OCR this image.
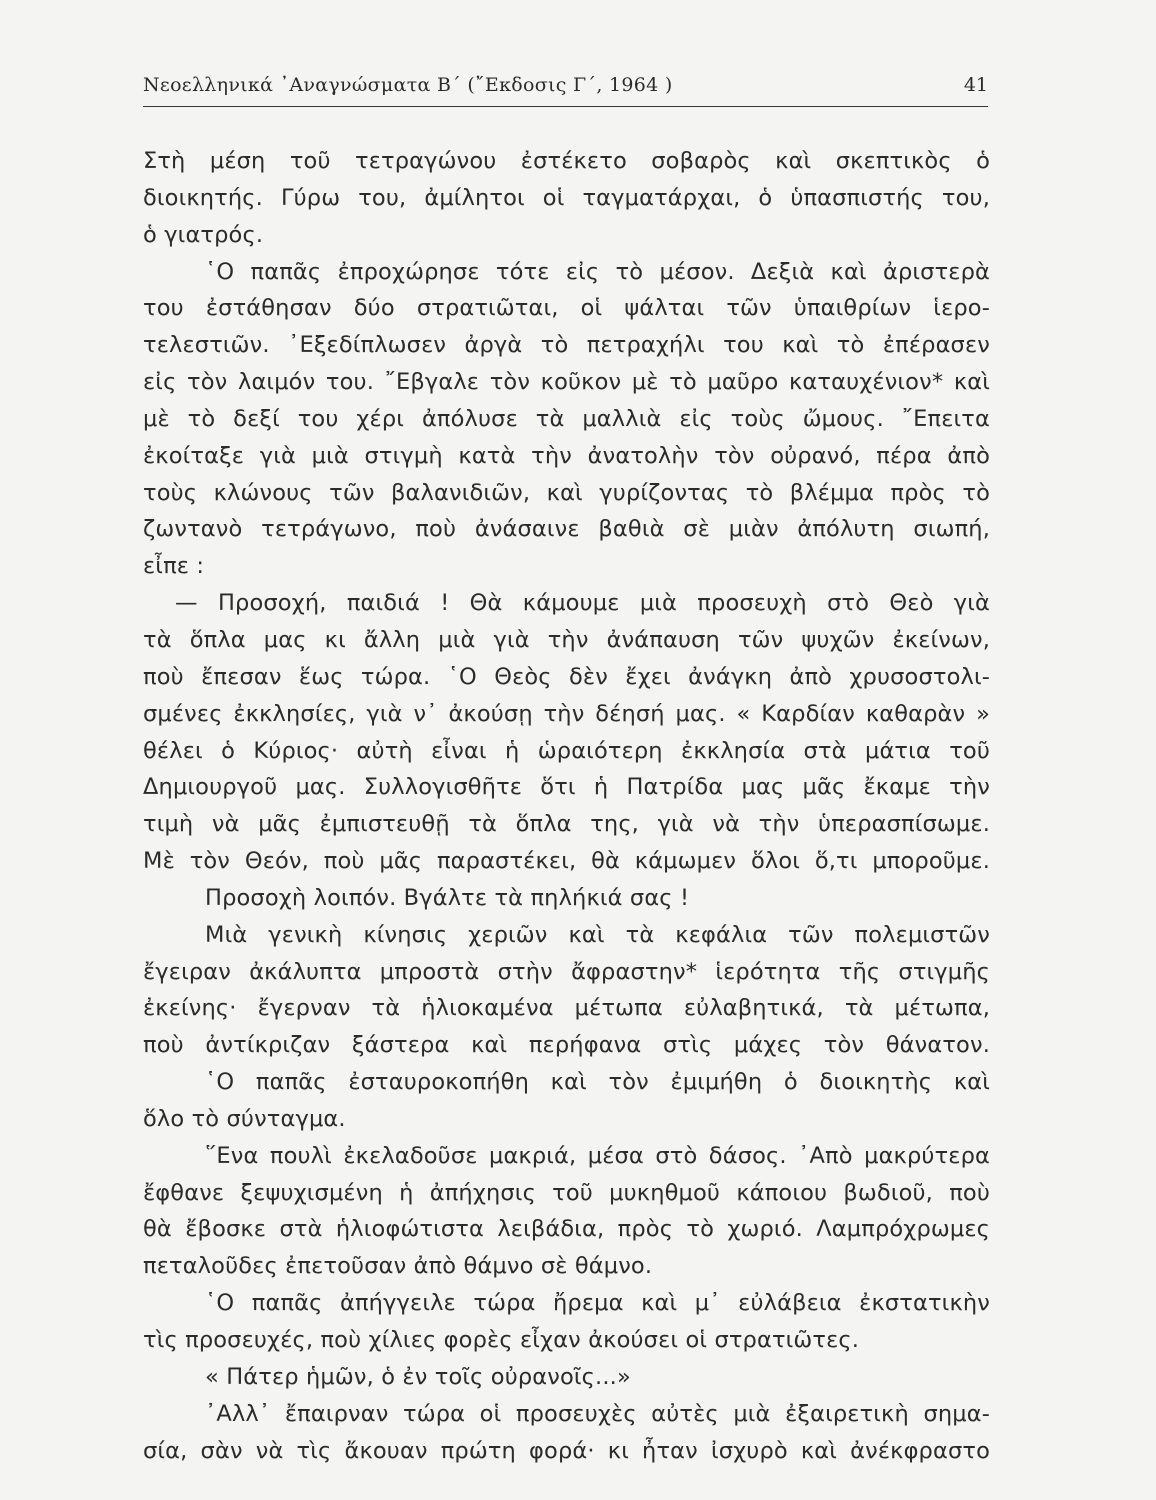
Νεοελληνικά ᾿Αναγνώσματα Β΄ (῎Εκδοσις Γ΄, 1964 )	41
Στὴ μέση τοῦ τετραγώνου ἐστέκετο σοβαρὸς καὶ σκεπτικὸς ὁ
διοικητής. Γύρω του, ἀμίλητοι οἱ ταγματάρχαι, ὁ ὑπασπιστής του,
ὁ γιατρός.
῾Ο παπᾶς ἐπροχώρησε τότε εἰς τὸ μέσον. Δεξιὰ καὶ ἀριστερὰ
του ἐστάθησαν δύο στρατιῶται, οἱ ψάλται τῶν ὑπαιθρίων ἱερο-
τελεστιῶν. ᾿Εξεδίπλωσεν ἀργὰ τὸ πετραχήλι του καὶ τὸ ἐπέρασεν
εἰς τὸν λαιμόν του. ῎Εβγαλε τὸν κοῦκον μὲ τὸ μαῦρο καταυχένιον* καὶ
μὲ τὸ δεξί του χέρι ἀπόλυσε τὰ μαλλιὰ εἰς τοὺς ὤμους. ῎Επειτα
ἐκοίταξε γιὰ μιὰ στιγμὴ κατὰ τὴν ἀνατολὴν τὸν οὐρανό, πέρα ἀπὸ
τοὺς κλώνους τῶν βαλανιδιῶν, καὶ γυρίζοντας τὸ βλέμμα πρὸς τὸ
ζωντανὸ τετράγωνο, ποὺ ἀνάσαινε βαθιὰ σὲ μιὰν ἀπόλυτη σιωπή,
εἶπε :
— Προσοχή, παιδιά ! Θὰ κάμουμε μιὰ προσευχὴ στὸ Θεὸ γιὰ
τὰ ὅπλα μας κι ἄλλη μιὰ γιὰ τὴν ἀνάπαυση τῶν ψυχῶν ἐκείνων,
ποὺ ἔπεσαν ἕως τώρα. ῾Ο Θεὸς δὲν ἔχει ἀνάγκη ἀπὸ χρυσοστολι-
σμένες ἐκκλησίες, γιὰ ν᾿ ἀκούσῃ τὴν δέησή μας. « Καρδίαν καθαρὰν »
θέλει ὁ Κύριος· αὐτὴ εἶναι ἡ ὡραιότερη ἐκκλησία στὰ μάτια τοῦ
Δημιουργοῦ μας. Συλλογισθῆτε ὅτι ἡ Πατρίδα μας μᾶς ἔκαμε τὴν
τιμὴ νὰ μᾶς ἐμπιστευθῇ τὰ ὅπλα της, γιὰ νὰ τὴν ὑπερασπίσωμε.
Μὲ τὸν Θεόν, ποὺ μᾶς παραστέκει, θὰ κάμωμεν ὅλοι ὅ,τι μποροῦμε.
Προσοχὴ λοιπόν. Βγάλτε τὰ πηλήκιά σας !
Μιὰ γενικὴ κίνησις χεριῶν καὶ τὰ κεφάλια τῶν πολεμιστῶν
ἔγειραν ἀκάλυπτα μπροστὰ στὴν ἄφραστην* ἱερότητα τῆς στιγμῆς
ἐκείνης· ἔγερναν τὰ ἡλιοκαμένα μέτωπα εὐλαβητικά, τὰ μέτωπα,
ποὺ ἀντίκριζαν ξάστερα καὶ περήφανα στὶς μάχες τὸν θάνατον.
῾Ο παπᾶς ἐσταυροκοπήθη καὶ τὸν ἐμιμήθη ὁ διοικητὴς καὶ
ὅλο τὸ σύνταγμα.
῞Ενα πουλὶ ἐκελαδοῦσε μακριά, μέσα στὸ δάσος. ᾿Απὸ μακρύτερα
ἔφθανε ξεψυχισμένη ἡ ἀπήχησις τοῦ μυκηθμοῦ κάποιου βωδιοῦ, ποὺ
θὰ ἔβοσκε στὰ ἡλιοφώτιστα λειβάδια, πρὸς τὸ χωριό. Λαμπρόχρωμες
πεταλοῦδες ἐπετοῦσαν ἀπὸ θάμνο σὲ θάμνο.
῾Ο παπᾶς ἀπήγγειλε τώρα ἤρεμα καὶ μ᾿ εὐλάβεια ἐκστατικὴν
τὶς προσευχές, ποὺ χίλιες φορὲς εἶχαν ἀκούσει οἱ στρατιῶτες.
« Πάτερ ἡμῶν, ὁ ἐν τοῖς οὐρανοῖς...»
᾿Αλλ᾿ ἔπαιρναν τώρα οἱ προσευχὲς αὐτὲς μιὰ ἐξαιρετικὴ σημα-
σία, σὰν νὰ τὶς ἄκουαν πρώτη φορά· κι ἦταν ἰσχυρὸ καὶ ἀνέκφραστο
